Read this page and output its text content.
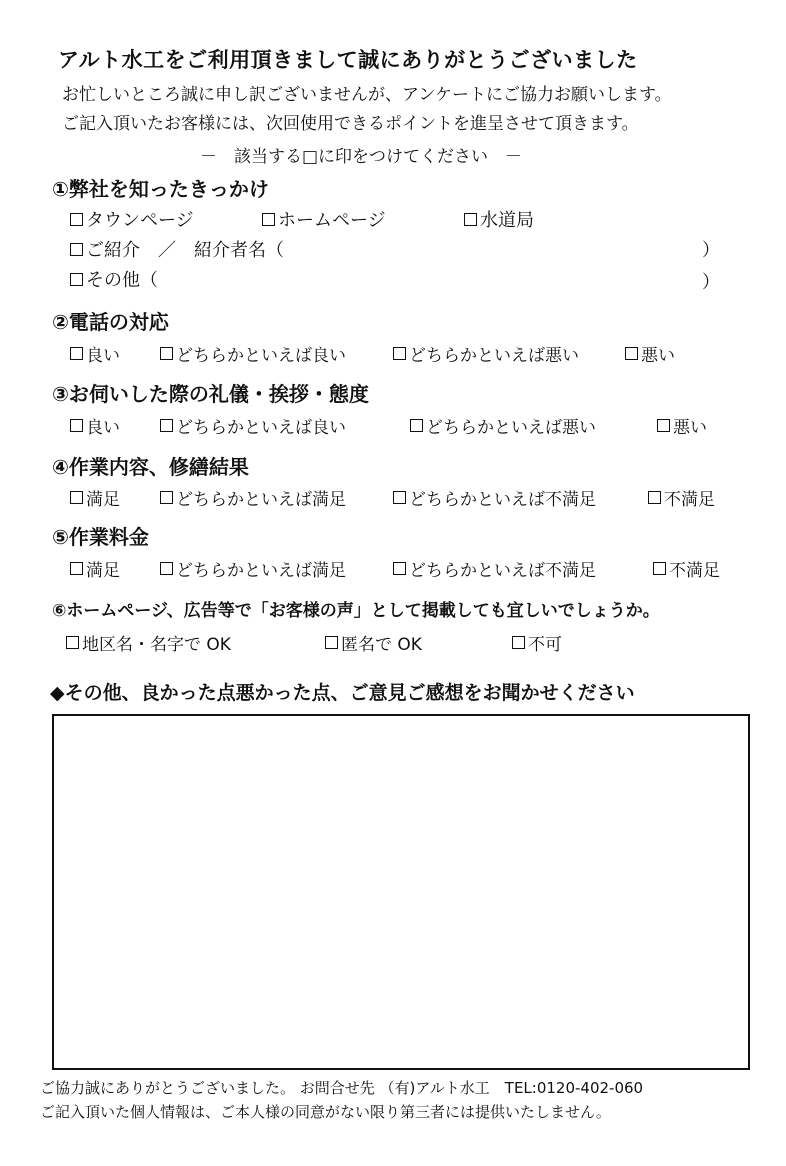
アルト水工をご利用頂きまして誠にありがとうございました
お忙しいところ誠に申し訳ございませんが、アンケートにご協力お願いします。
ご記入頂いたお客様には、次回使用できるポイントを進呈させて頂きます。
－　該当する□に印をつけてください　－
①弊社を知ったきっかけ
タウンページ	ホームページ	水道局
ご紹介　／　紹介者名（	）
その他（	）
②電話の対応
良い	どちらかといえば良い	どちらかといえば悪い	悪い
③お伺いした際の礼儀・挨拶・態度
良い	どちらかといえば良い	どちらかといえば悪い	悪い
④作業内容、修繕結果
満足	どちらかといえば満足	どちらかといえば不満足	不満足
⑤作業料金
満足	どちらかといえば満足	どちらかといえば不満足	不満足
⑥ホームページ、広告等で「お客様の声」として掲載しても宜しいでしょうか。
地区名・名字で OK	匿名で OK	不可
◆その他、良かった点悪かった点、ご意見ご感想をお聞かせください
ご協力誠にありがとうございました。 お問合せ先 （有)アルト水工　TEL:0120-402-060
ご記入頂いた個人情報は、ご本人様の同意がない限り第三者には提供いたしません。
